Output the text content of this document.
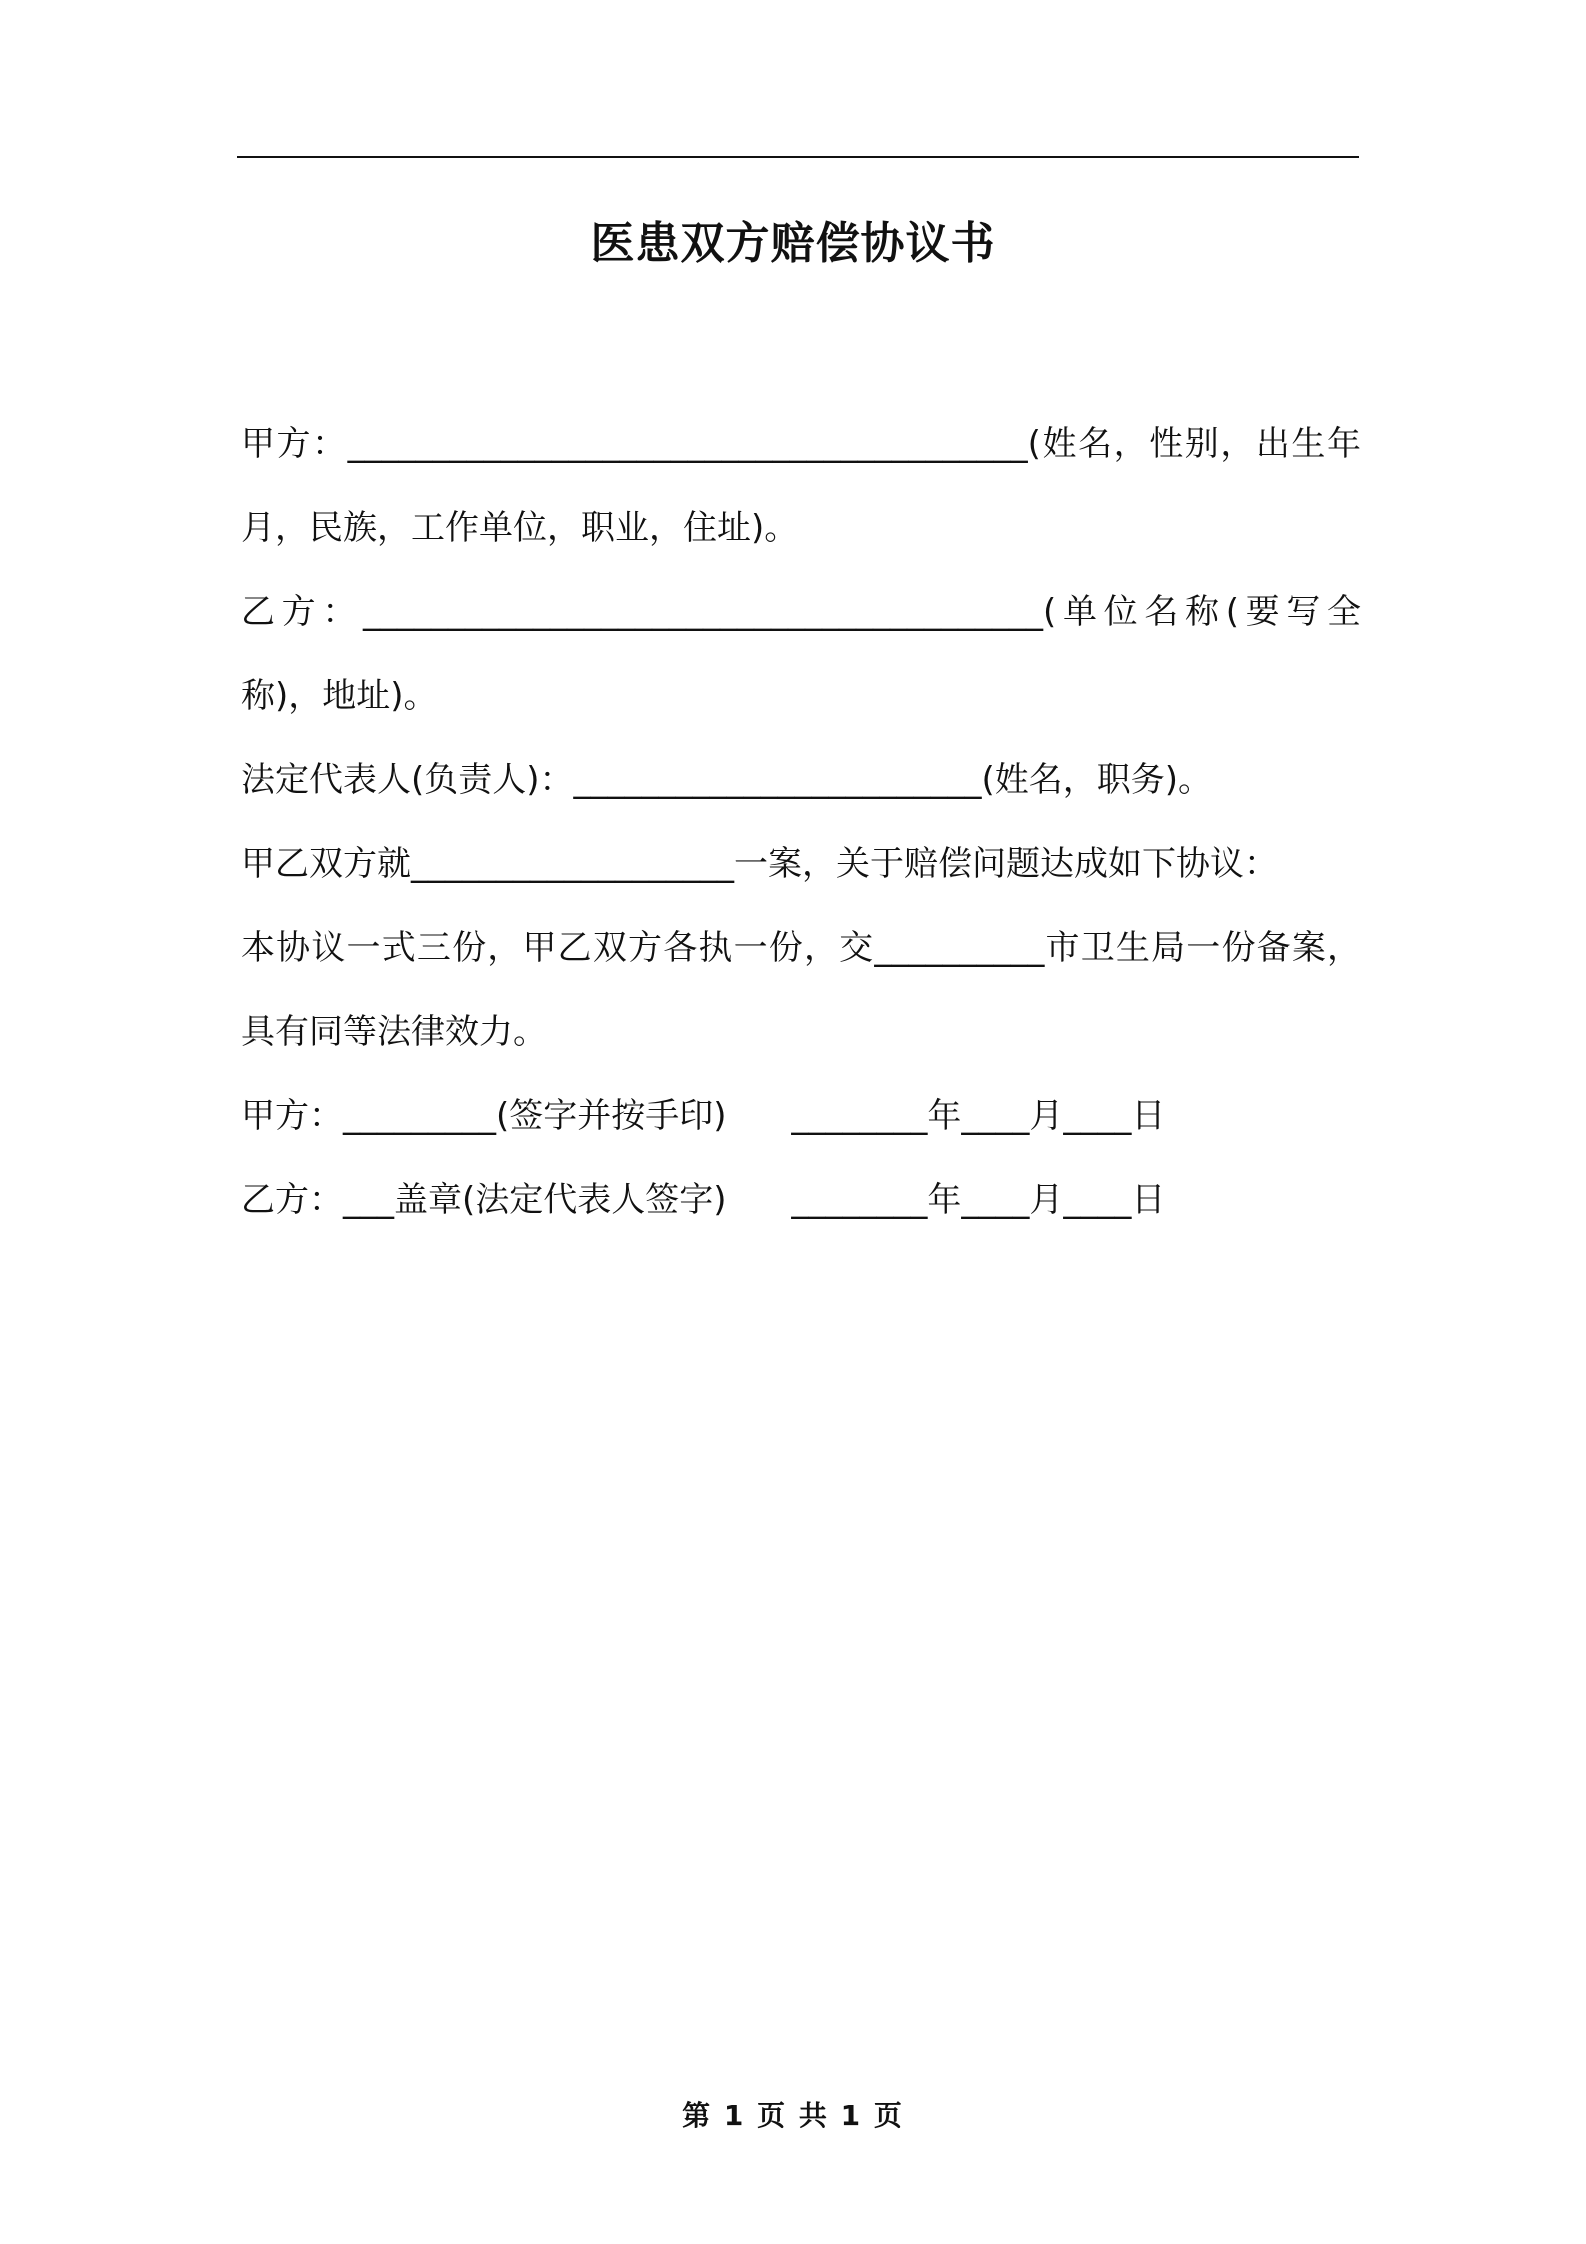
医患双方赔偿协议书

甲方：________________________________________(姓名，性别，出生年月，民族，工作单位，职业，住址)。

乙方：________________________________________(单位名称(要写全称)，地址)。

法定代表人(负责人)：________________________(姓名，职务)。

甲乙双方就___________________一案，关于赔偿问题达成如下协议：

本协议一式三份，甲乙双方各执一份，交__________市卫生局一份备案，具有同等法律效力。

甲方：_________(签字并按手印)      ________年____月____日

乙方：___盖章(法定代表人签字)      ________年____月____日

第 1 页 共 1 页
